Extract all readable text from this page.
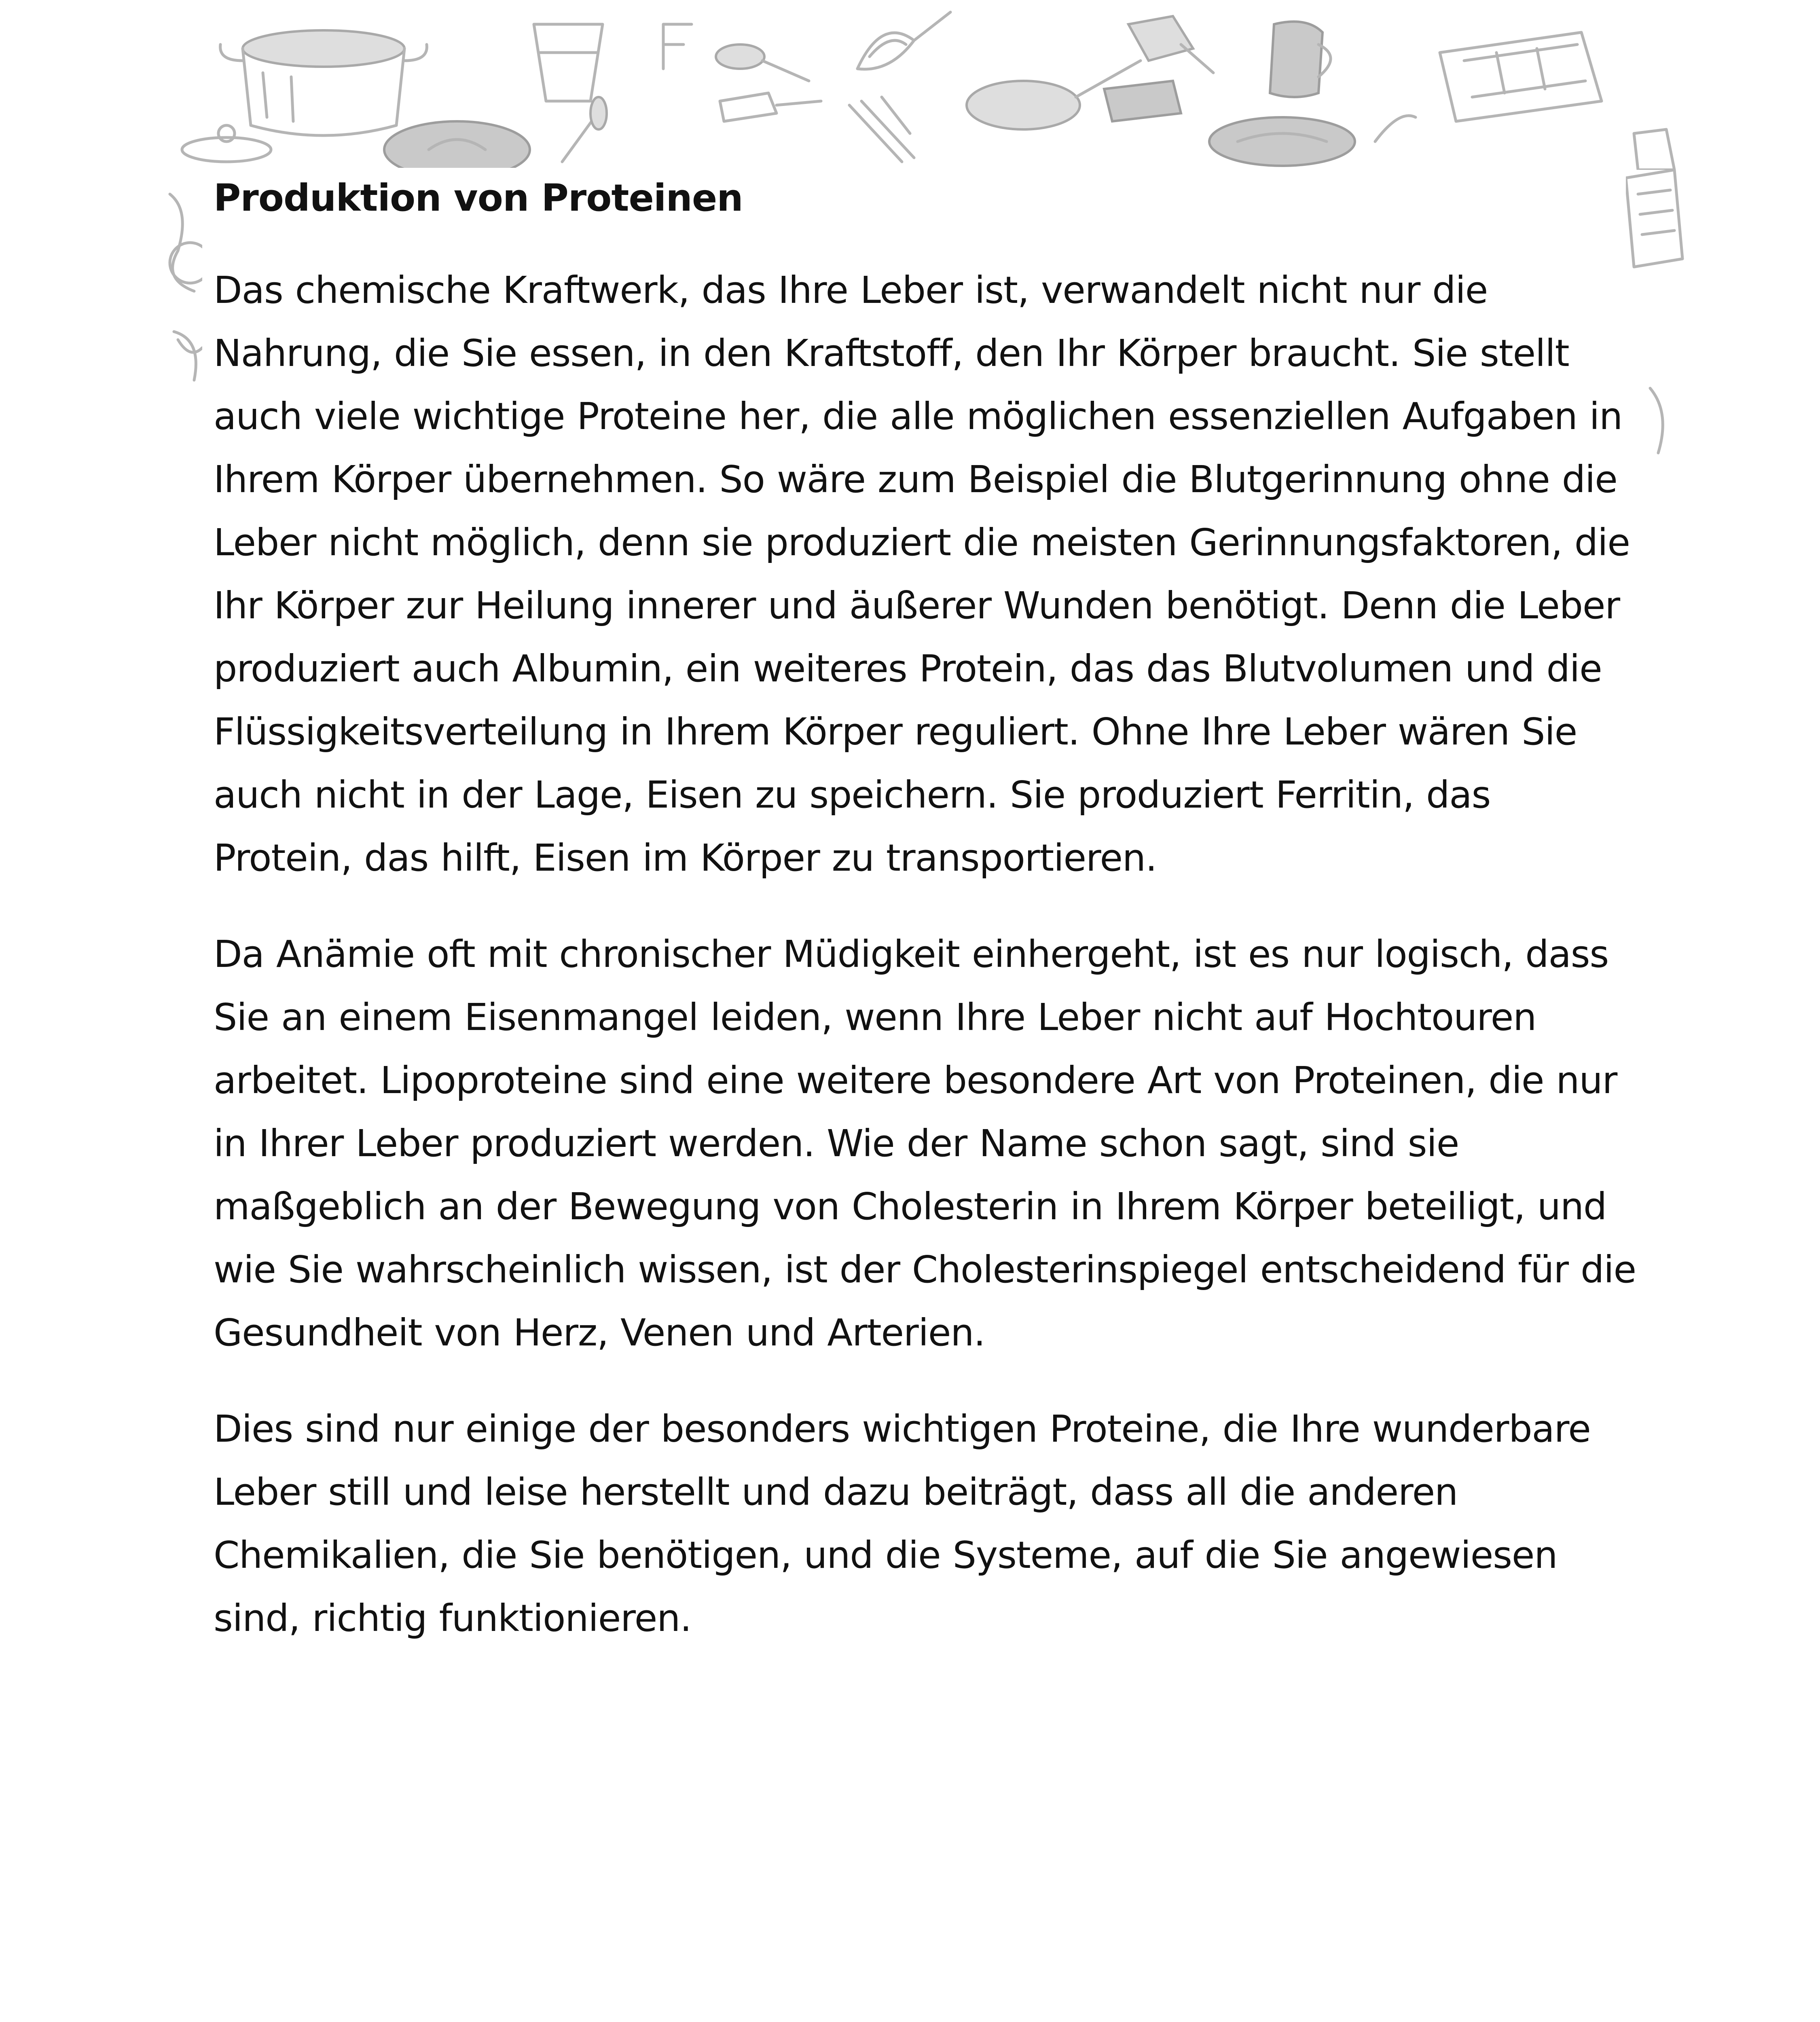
Produktion von Proteinen

Das chemische Kraftwerk, das Ihre Leber ist, verwandelt nicht nur die Nahrung, die Sie essen, in den Kraftstoff, den Ihr Körper braucht. Sie stellt auch viele wichtige Proteine her, die alle möglichen essenziellen Aufgaben in Ihrem Körper übernehmen. So wäre zum Beispiel die Blutgerinnung ohne die Leber nicht möglich, denn sie produziert die meisten Gerinnungsfaktoren, die Ihr Körper zur Heilung innerer und äußerer Wunden benötigt. Denn die Leber produziert auch Albumin, ein weiteres Protein, das das Blutvolumen und die Flüssigkeitsverteilung in Ihrem Körper reguliert. Ohne Ihre Leber wären Sie auch nicht in der Lage, Eisen zu speichern. Sie produziert Ferritin, das Protein, das hilft, Eisen im Körper zu transportieren.

Da Anämie oft mit chronischer Müdigkeit einhergeht, ist es nur logisch, dass Sie an einem Eisenmangel leiden, wenn Ihre Leber nicht auf Hochtouren arbeitet. Lipoproteine sind eine weitere besondere Art von Proteinen, die nur in Ihrer Leber produziert werden. Wie der Name schon sagt, sind sie maßgeblich an der Bewegung von Cholesterin in Ihrem Körper beteiligt, und wie Sie wahrscheinlich wissen, ist der Cholesterinspiegel entscheidend für die Gesundheit von Herz, Venen und Arterien.

Dies sind nur einige der besonders wichtigen Proteine, die Ihre wunderbare Leber still und leise herstellt und dazu beiträgt, dass all die anderen Chemikalien, die Sie benötigen, und die Systeme, auf die Sie angewiesen sind, richtig funktionieren.
